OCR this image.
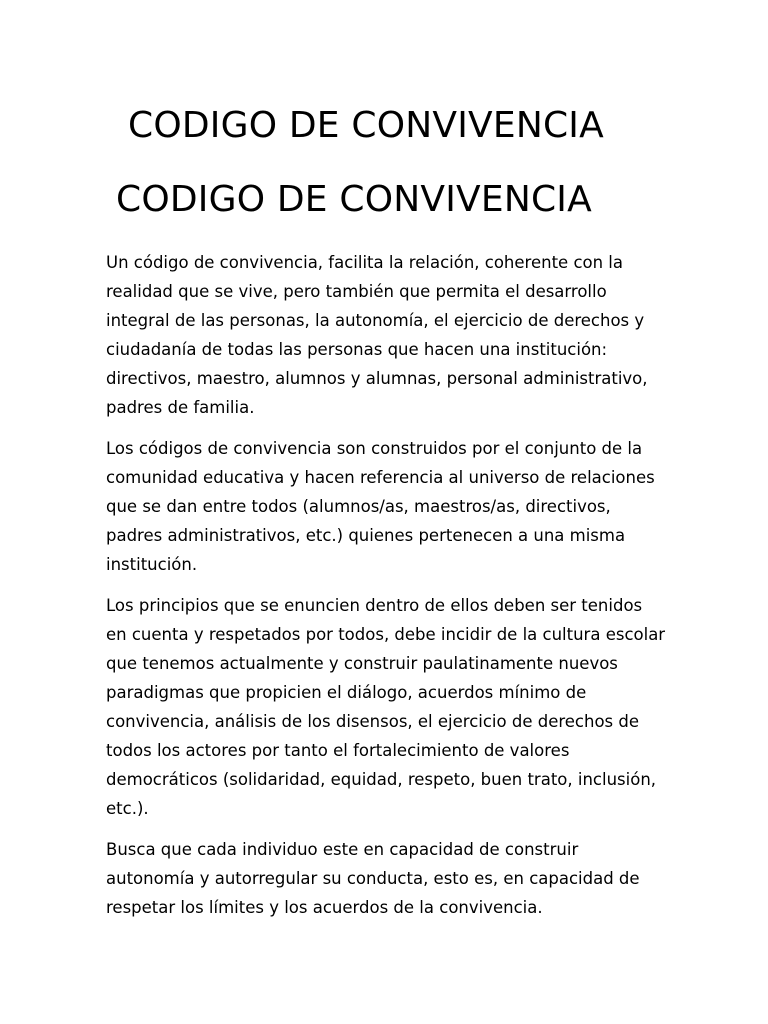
CODIGO DE CONVIVENCIA
CODIGO DE CONVIVENCIA

Un código de convivencia, facilita la relación, coherente con la realidad que se vive, pero también que permita el desarrollo integral de las personas, la autonomía, el ejercicio de derechos y ciudadanía de todas las personas que hacen una institución: directivos, maestro, alumnos y alumnas, personal administrativo, padres de familia.

Los códigos de convivencia son construidos por el conjunto de la comunidad educativa y hacen referencia al universo de relaciones que se dan entre todos (alumnos/as, maestros/as, directivos, padres administrativos, etc.) quienes pertenecen a una misma institución.

Los principios que se enuncien dentro de ellos deben ser tenidos en cuenta y respetados por todos, debe incidir de la cultura escolar que tenemos actualmente y construir paulatinamente nuevos paradigmas que propicien el diálogo, acuerdos mínimo de convivencia, análisis de los disensos, el ejercicio de derechos de todos los actores por tanto el fortalecimiento de valores democráticos (solidaridad, equidad, respeto, buen trato, inclusión, etc.).

Busca que cada individuo este en capacidad de construir autonomía y autorregular su conducta, esto es, en capacidad de respetar los límites y los acuerdos de la convivencia.
